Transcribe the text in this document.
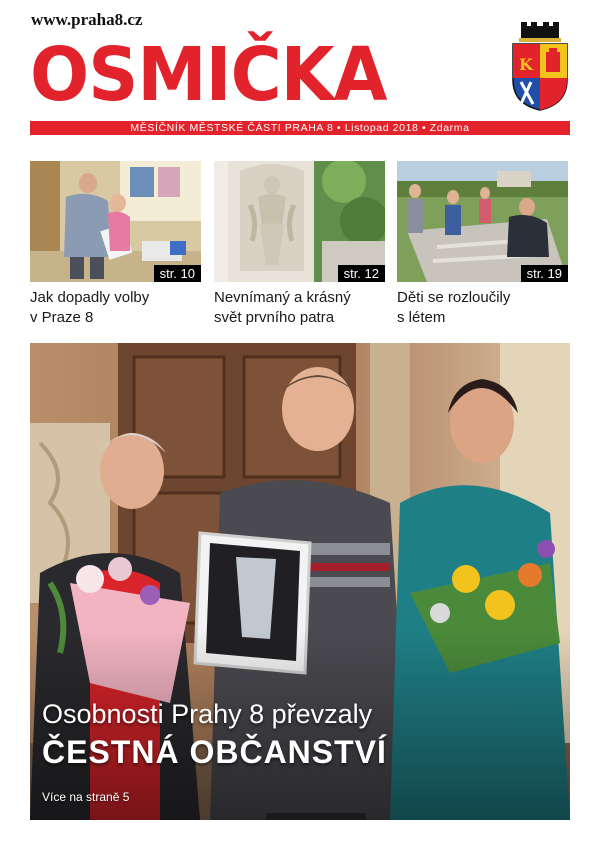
www.praha8.cz
OSMIČKA	K
MĚSÍČNÍK MĚSTSKÉ ČÁSTI PRAHA 8 • Listopad 2018 • Zdarma
str. 10
Jak dopadly volby
v Praze 8
str. 12
Nevnímaný a krásný
svět prvního patra
str. 19
Děti se rozloučily
s létem
Osobnosti Prahy 8 převzaly
ČESTNÁ OBČANSTVÍ
Více na straně 5
